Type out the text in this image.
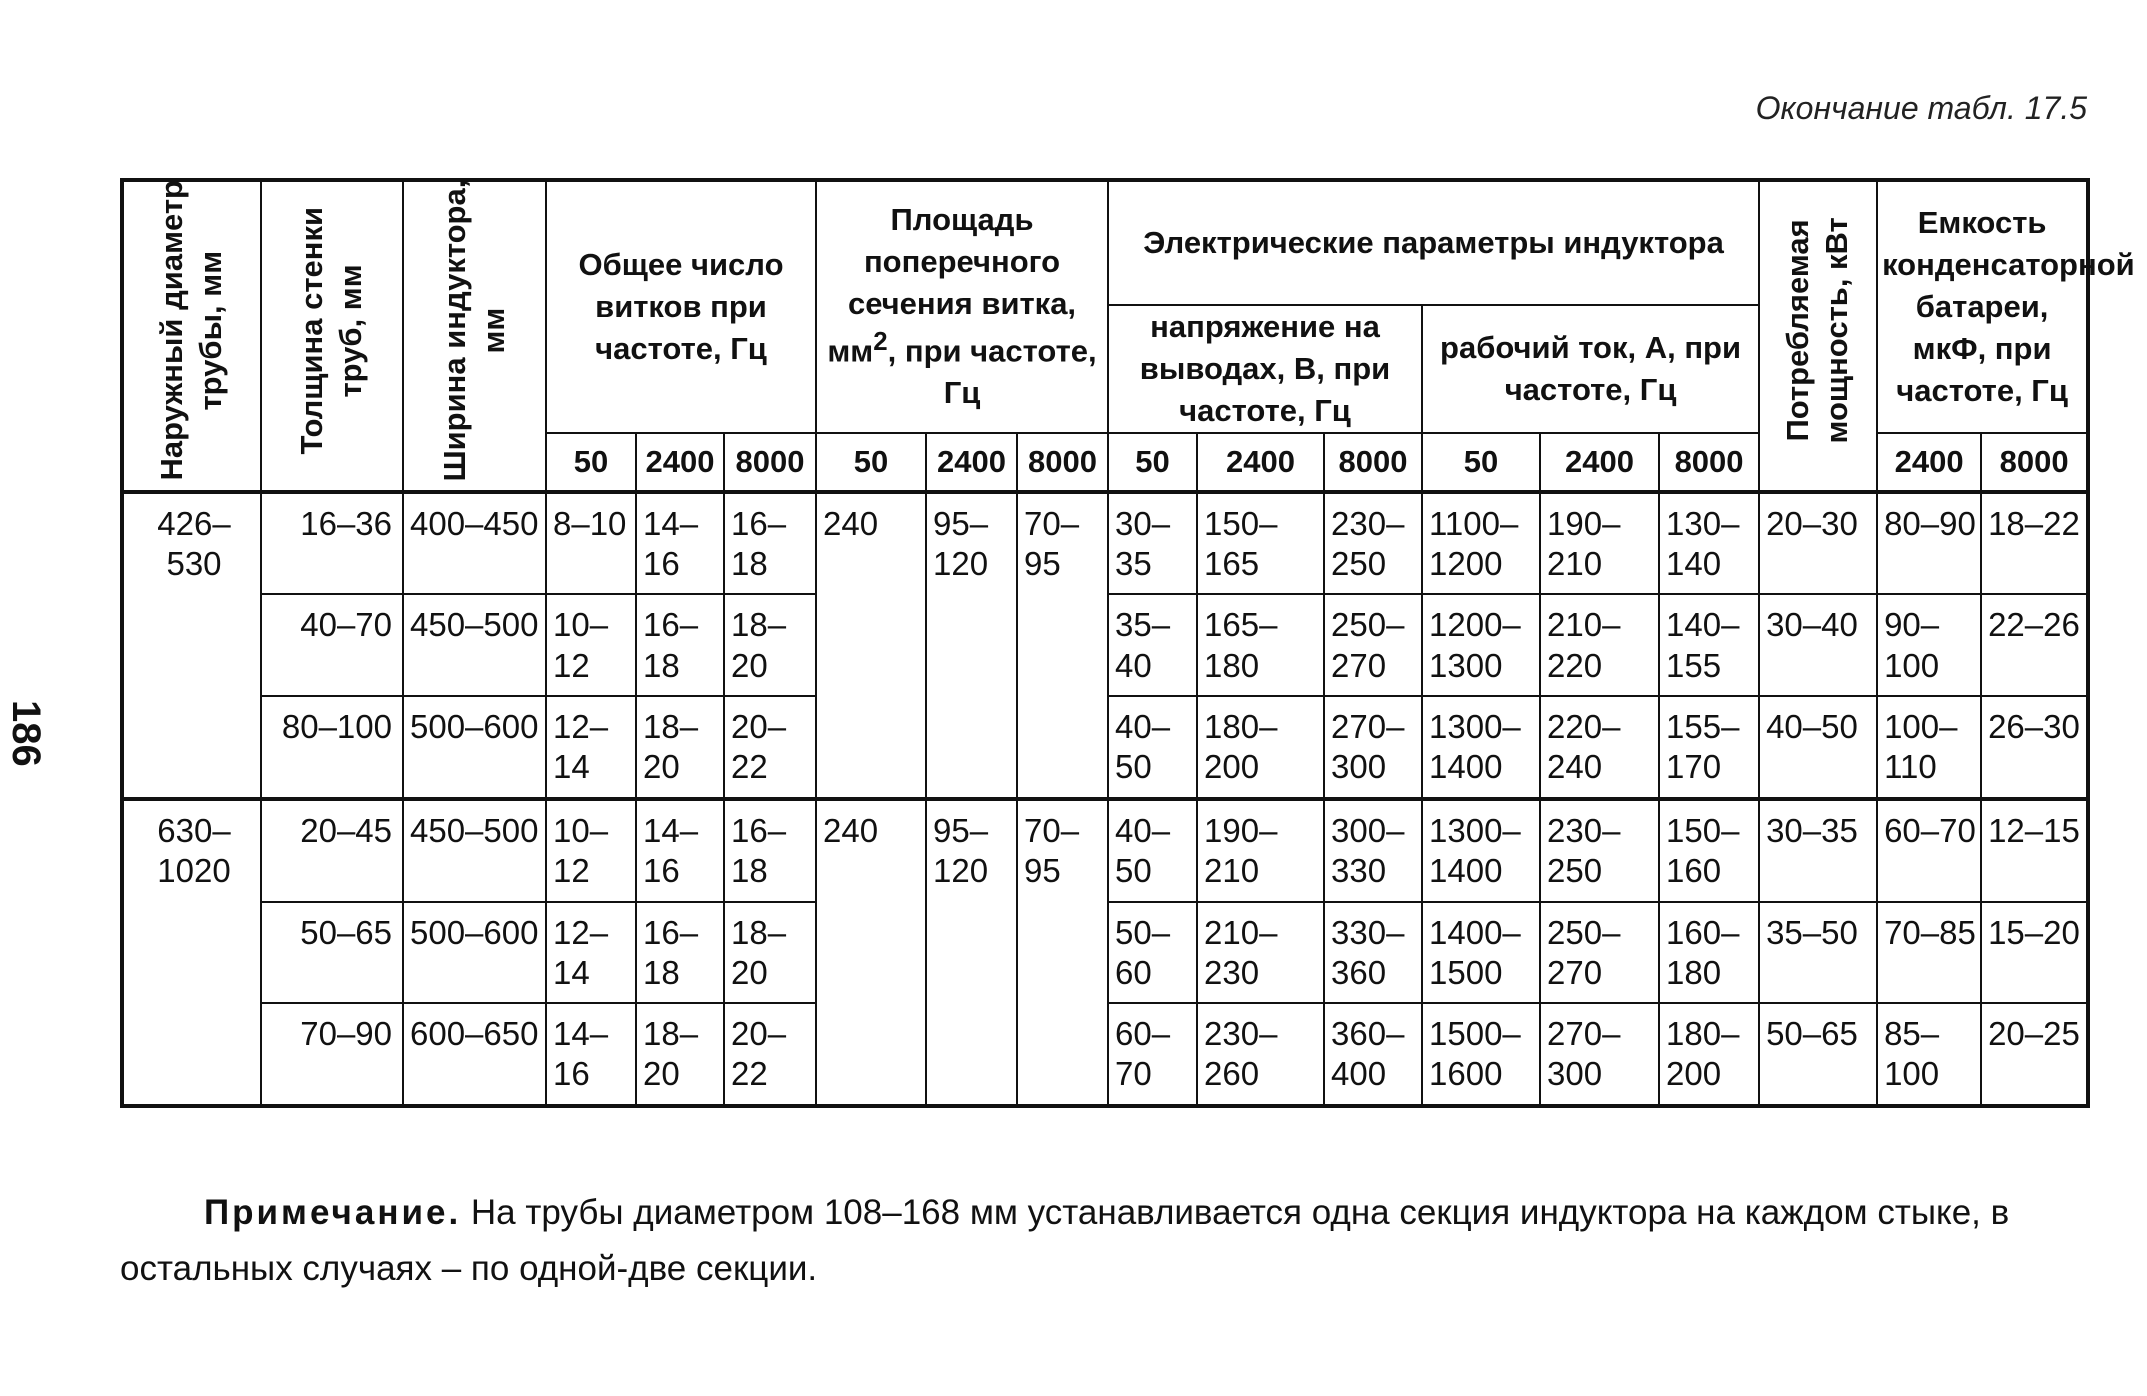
Окончание табл. 17.5
186
Наружный диаметр трубы, мм	Толщина стенки труб, мм	Ширина индуктора, мм	Общее число витков при частоте, Гц			Площадь поперечного сечения витка, $мм^2$, при частоте, Гц			Электрические параметры индуктора						Потребляемая мощность, кВт	Емкость конденсаторной батареи, мкФ, при частоте, Гц	
									напряжение на выводах, В, при частоте, Гц			рабочий ток, А, при частоте, Гц					
			50	2400	8000	50	2400	8000	50	2400	8000	50	2400	8000		2400	8000
426–530	16–36	400–450	8–10	14–16	16–18	240	95–120	70–95	30–35	150–165	230–250	1100–1200	190–210	130–140	20–30	80–90	18–22
	40–70	450–500	10–12	16–18	18–20				35–40	165–180	250–270	1200–1300	210–220	140–155	30–40	90–100	22–26
	80–100	500–600	12–14	18–20	20–22				40–50	180–200	270–300	1300–1400	220–240	155–170	40–50	100–110	26–30
630–1020	20–45	450–500	10–12	14–16	16–18	240	95–120	70–95	40–50	190–210	300–330	1300–1400	230–250	150–160	30–35	60–70	12–15
	50–65	500–600	12–14	16–18	18–20				50–60	210–230	330–360	1400–1500	250–270	160–180	35–50	70–85	15–20
	70–90	600–650	14–16	18–20	20–22				60–70	230–260	360–400	1500–1600	270–300	180–200	50–65	85–100	20–25
Примечание. На трубы диаметром 108–168 мм устанавливается одна секция индуктора на каждом стыке, в остальных случаях – по одной-две секции.
